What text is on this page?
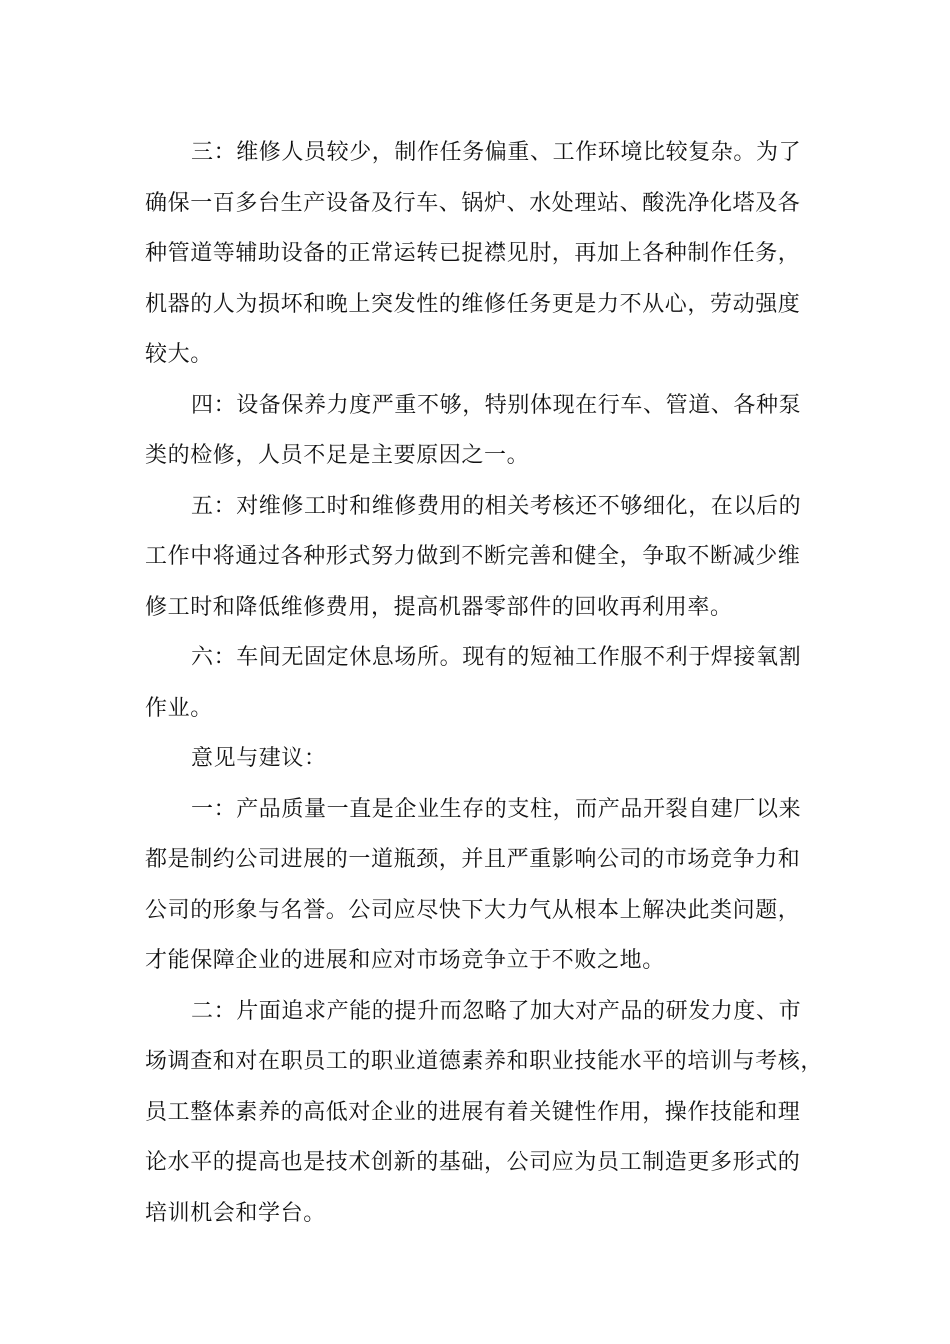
三：维修人员较少，制作任务偏重、工作环境比较复杂。为了
确保一百多台生产设备及行车、锅炉、水处理站、酸洗净化塔及各
种管道等辅助设备的正常运转已捉襟见肘，再加上各种制作任务，
机器的人为损坏和晚上突发性的维修任务更是力不从心，劳动强度
较大。
四：设备保养力度严重不够，特别体现在行车、管道、各种泵
类的检修，人员不足是主要原因之一。
五：对维修工时和维修费用的相关考核还不够细化，在以后的
工作中将通过各种形式努力做到不断完善和健全，争取不断减少维
修工时和降低维修费用，提高机器零部件的回收再利用率。
六：车间无固定休息场所。现有的短袖工作服不利于焊接氧割
作业。
意见与建议：
一：产品质量一直是企业生存的支柱，而产品开裂自建厂以来
都是制约公司进展的一道瓶颈，并且严重影响公司的市场竞争力和
公司的形象与名誉。公司应尽快下大力气从根本上解决此类问题，
才能保障企业的进展和应对市场竞争立于不败之地。
二：片面追求产能的提升而忽略了加大对产品的研发力度、市
场调查和对在职员工的职业道德素养和职业技能水平的培训与考核，
员工整体素养的高低对企业的进展有着关键性作用，操作技能和理
论水平的提高也是技术创新的基础，公司应为员工制造更多形式的
培训机会和学台。
